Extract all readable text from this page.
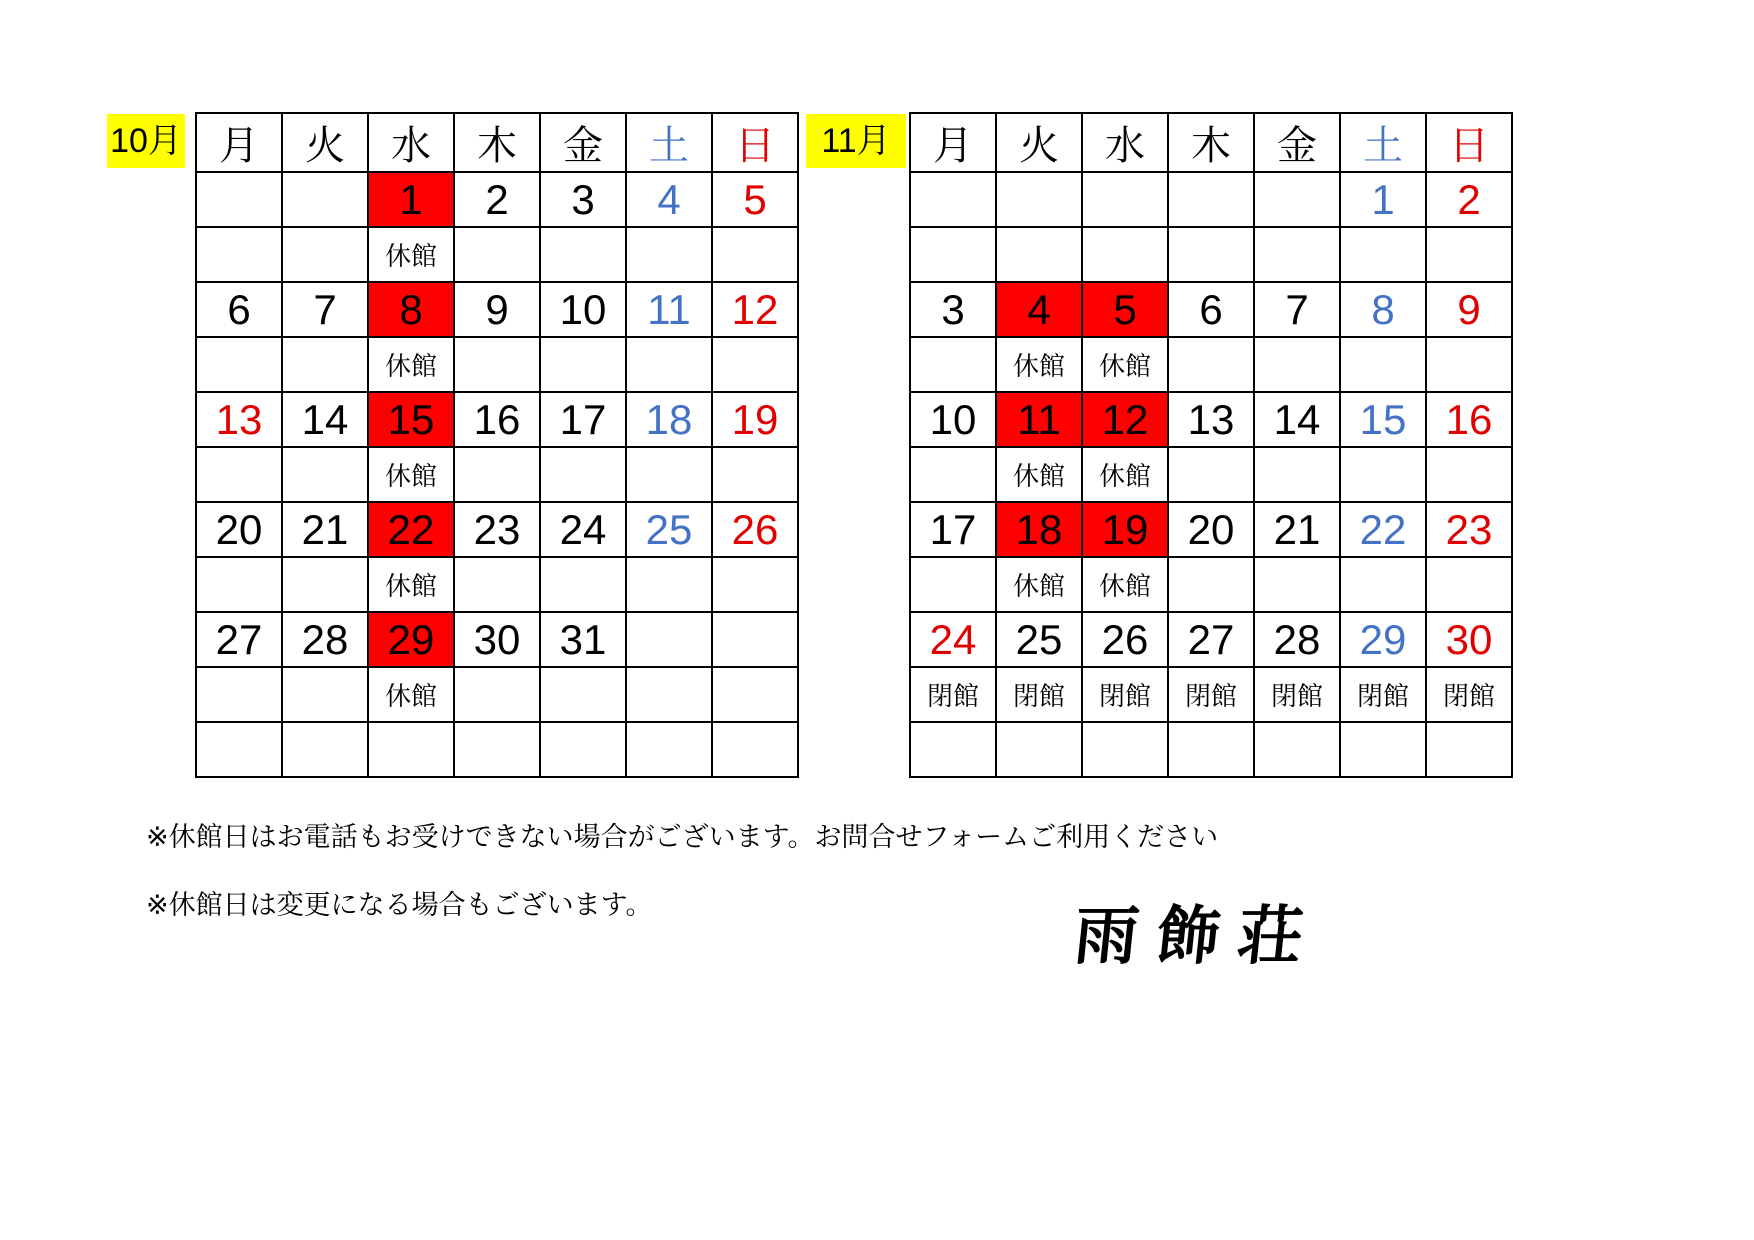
10月 月	火	水	木	金	土	日
		1	2	3	4	5
		休館				
6	7	8	9	10	11	12
		休館				
13	14	15	16	17	18	19
		休館				
20	21	22	23	24	25	26
		休館				
27	28	29	30	31		
		休館				

11月	月	火	水	木	金	土	日
					1	2

3	4	5	6	7	8	9
	休館	休館				
10	11	12	13	14	15	16
	休館	休館				
17	18	19	20	21	22	23
	休館	休館				
24	25	26	27	28	29	30
閉館	閉館	閉館	閉館	閉館	閉館	閉館

※休館日はお電話もお受けできない場合がございます。お問合せフォームご利用ください
※休館日は変更になる場合もございます。	雨飾荘
